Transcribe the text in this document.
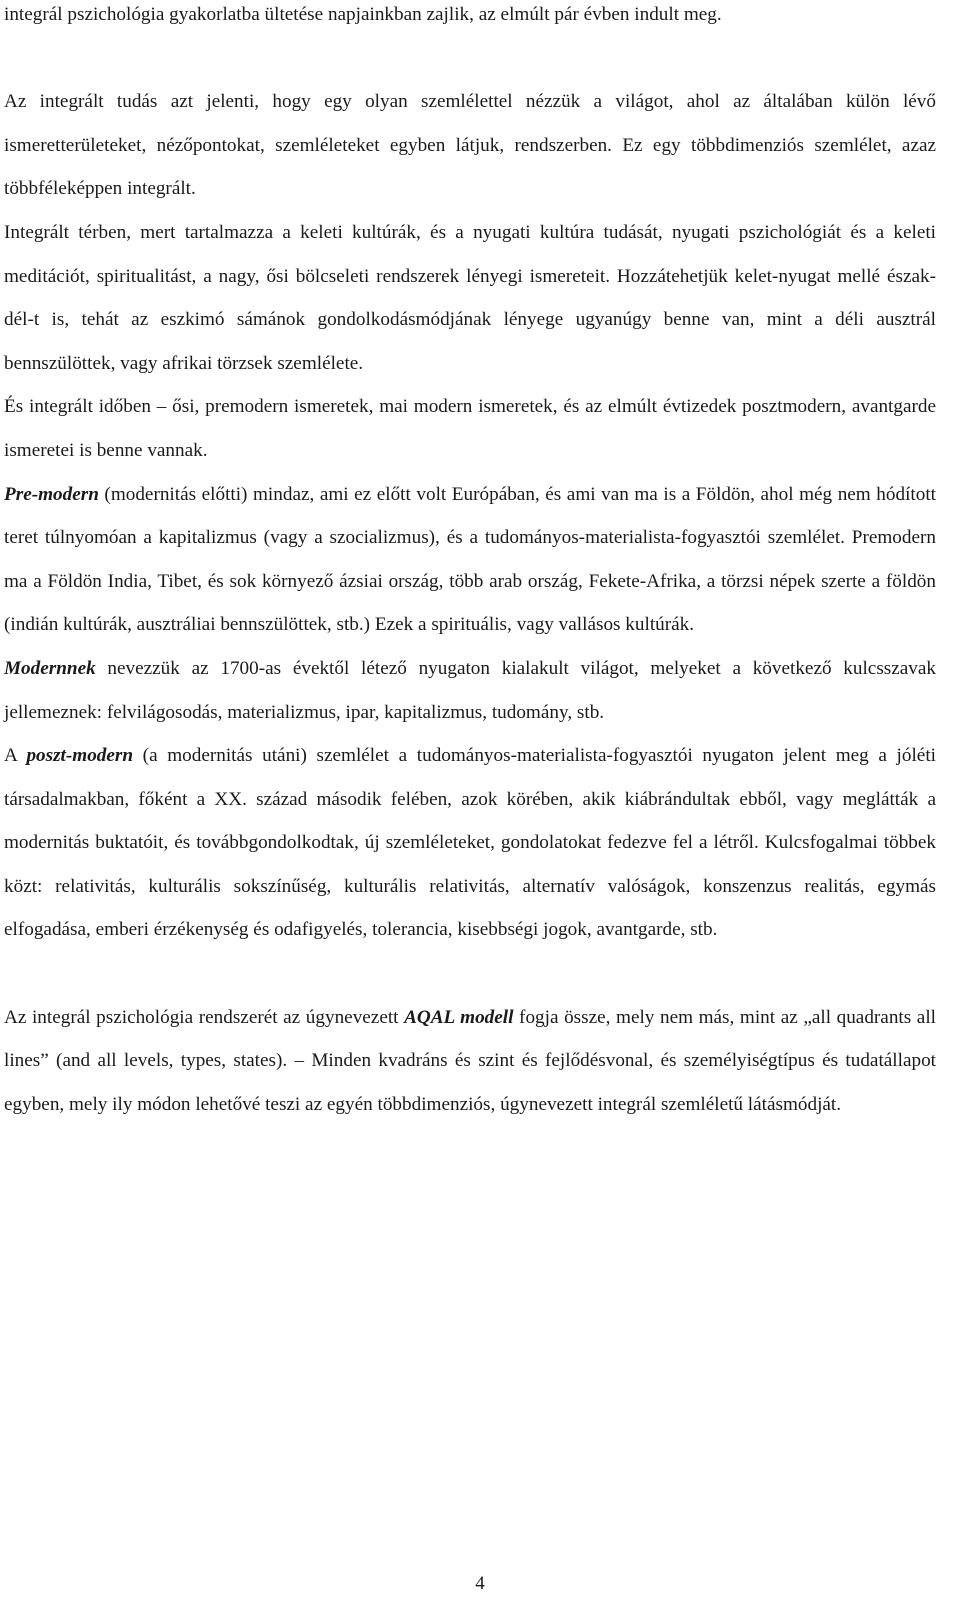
integrál pszichológia gyakorlatba ültetése napjainkban zajlik, az elmúlt pár évben indult meg.

Az integrált tudás azt jelenti, hogy egy olyan szemlélettel nézzük a világot, ahol az általában külön lévő ismeretterületeket, nézőpontokat, szemléleteket egyben látjuk, rendszerben. Ez egy többdimenziós szemlélet, azaz többféleképpen integrált.

Integrált térben, mert tartalmazza a keleti kultúrák, és a nyugati kultúra tudását, nyugati pszichológiát és a keleti meditációt, spiritualitást, a nagy, ősi bölcseleti rendszerek lényegi ismereteit. Hozzátehetjük kelet-nyugat mellé észak-dél-t is, tehát az eszkimó sámánok gondolkodásmódjának lényege ugyanúgy benne van, mint a déli ausztrál bennszülöttek, vagy afrikai törzsek szemlélete.

És integrált időben – ősi, premodern ismeretek, mai modern ismeretek, és az elmúlt évtizedek posztmodern, avantgarde ismeretei is benne vannak.

Pre-modern (modernitás előtti) mindaz, ami ez előtt volt Európában, és ami van ma is a Földön, ahol még nem hódított teret túlnyomóan a kapitalizmus (vagy a szocializmus), és a tudományos-materialista-fogyasztói szemlélet. Premodern ma a Földön India, Tibet, és sok környező ázsiai ország, több arab ország, Fekete-Afrika, a törzsi népek szerte a földön (indián kultúrák, ausztráliai bennszülöttek, stb.) Ezek a spirituális, vagy vallásos kultúrák.

Modernnek nevezzük az 1700-as évektől létező nyugaton kialakult világot, melyeket a következő kulcsszavak jellemeznek: felvilágosodás, materializmus, ipar, kapitalizmus, tudomány, stb.

A poszt-modern (a modernitás utáni) szemlélet a tudományos-materialista-fogyasztói nyugaton jelent meg a jóléti társadalmakban, főként a XX. század második felében, azok körében, akik kiábrándultak ebből, vagy meglátták a modernitás buktatóit, és továbbgondolkodtak, új szemléleteket, gondolatokat fedezve fel a létről. Kulcsfogalmai többek közt: relativitás, kulturális sokszínűség, kulturális relativitás, alternatív valóságok, konszenzus realitás, egymás elfogadása, emberi érzékenység és odafigyelés, tolerancia, kisebbségi jogok, avantgarde, stb.

Az integrál pszichológia rendszerét az úgynevezett AQAL modell fogja össze, mely nem más, mint az „all quadrants all lines” (and all levels, types, states). – Minden kvadráns és szint és fejlődésvonal, és személyiségtípus és tudatállapot egyben, mely ily módon lehetővé teszi az egyén többdimenziós, úgynevezett integrál szemléletű látásmódját.

4
